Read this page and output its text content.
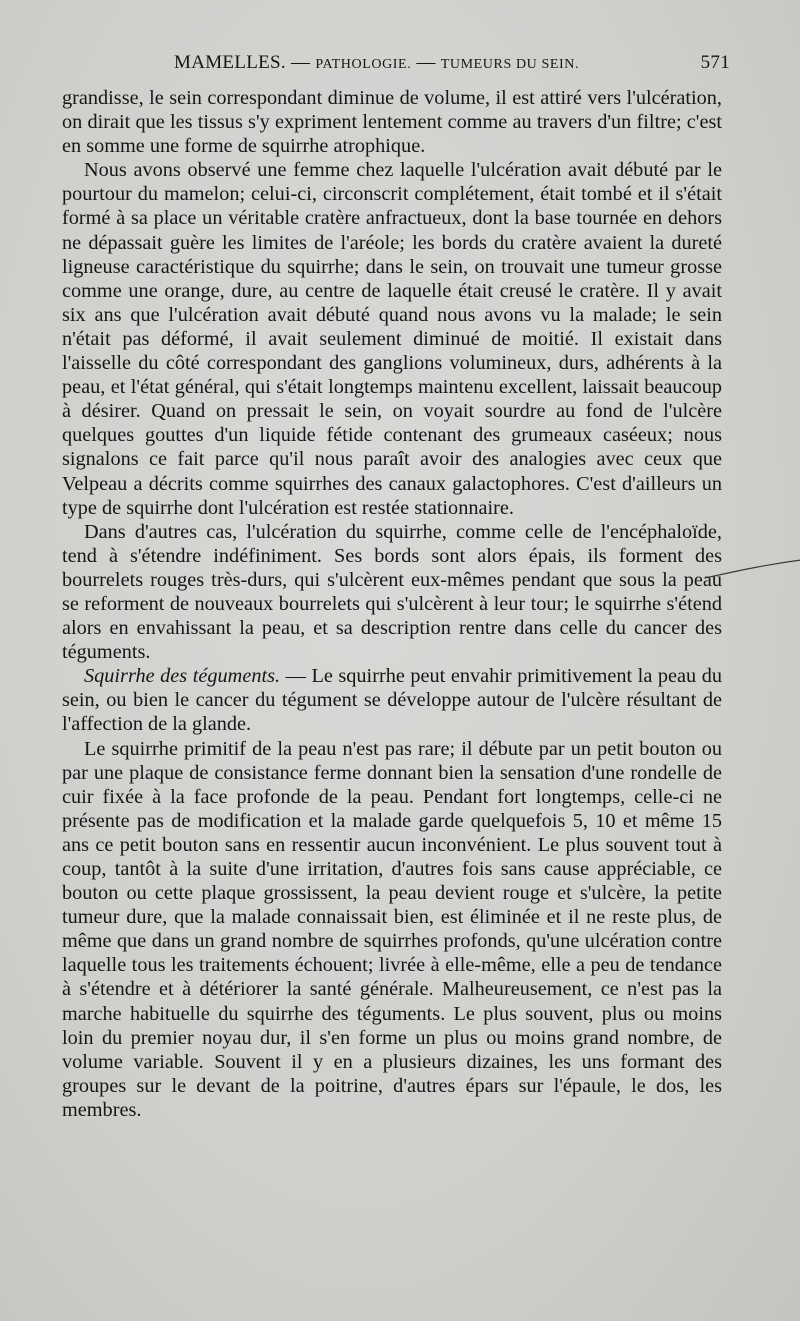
MAMELLES. — PATHOLOGIE. — TUMEURS DU SEIN.	571

grandisse, le sein correspondant diminue de volume, il est attiré vers l'ulcération, on dirait que les tissus s'y expriment lentement comme au travers d'un filtre; c'est en somme une forme de squirrhe atrophique.

Nous avons observé une femme chez laquelle l'ulcération avait débuté par le pourtour du mamelon; celui-ci, circonscrit complétement, était tombé et il s'était formé à sa place un véritable cratère anfractueux, dont la base tournée en dehors ne dépassait guère les limites de l'aréole; les bords du cratère avaient la dureté ligneuse caractéristique du squirrhe; dans le sein, on trouvait une tumeur grosse comme une orange, dure, au centre de laquelle était creusé le cratère. Il y avait six ans que l'ulcération avait débuté quand nous avons vu la malade; le sein n'était pas déformé, il avait seulement diminué de moitié. Il existait dans l'aisselle du côté correspondant des ganglions volumineux, durs, adhérents à la peau, et l'état général, qui s'était longtemps maintenu excellent, laissait beaucoup à désirer. Quand on pressait le sein, on voyait sourdre au fond de l'ulcère quelques gouttes d'un liquide fétide contenant des grumeaux caséeux; nous signalons ce fait parce qu'il nous paraît avoir des analogies avec ceux que Velpeau a décrits comme squirrhes des canaux galactophores. C'est d'ailleurs un type de squirrhe dont l'ulcération est restée stationnaire.

Dans d'autres cas, l'ulcération du squirrhe, comme celle de l'encéphaloïde, tend à s'étendre indéfiniment. Ses bords sont alors épais, ils forment des bourrelets rouges très-durs, qui s'ulcèrent eux-mêmes pendant que sous la peau se reforment de nouveaux bourrelets qui s'ulcèrent à leur tour; le squirrhe s'étend alors en envahissant la peau, et sa description rentre dans celle du cancer des téguments.

Squirrhe des téguments. — Le squirrhe peut envahir primitivement la peau du sein, ou bien le cancer du tégument se développe autour de l'ulcère résultant de l'affection de la glande.

Le squirrhe primitif de la peau n'est pas rare; il débute par un petit bouton ou par une plaque de consistance ferme donnant bien la sensation d'une rondelle de cuir fixée à la face profonde de la peau. Pendant fort longtemps, celle-ci ne présente pas de modification et la malade garde quelquefois 5, 10 et même 15 ans ce petit bouton sans en ressentir aucun inconvénient. Le plus souvent tout à coup, tantôt à la suite d'une irritation, d'autres fois sans cause appréciable, ce bouton ou cette plaque grossissent, la peau devient rouge et s'ulcère, la petite tumeur dure, que la malade connaissait bien, est éliminée et il ne reste plus, de même que dans un grand nombre de squirrhes profonds, qu'une ulcération contre laquelle tous les traitements échouent; livrée à elle-même, elle a peu de tendance à s'étendre et à détériorer la santé générale. Malheureusement, ce n'est pas la marche habituelle du squirrhe des téguments. Le plus souvent, plus ou moins loin du premier noyau dur, il s'en forme un plus ou moins grand nombre, de volume variable. Souvent il y en a plusieurs dizaines, les uns formant des groupes sur le devant de la poitrine, d'autres épars sur l'épaule, le dos, les membres.
